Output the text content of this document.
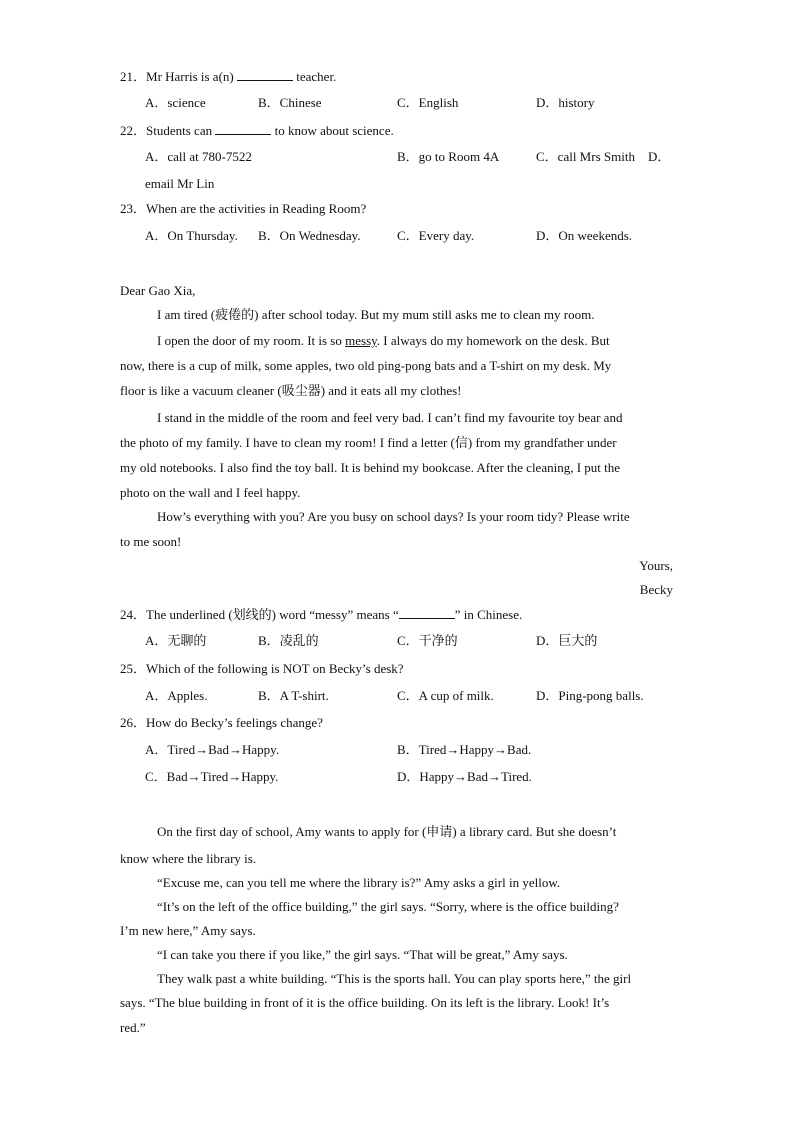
21．Mr Harris is a(n)	teacher.
A．science	B．Chinese	C．English	D．history
22．Students can	to know about science.
A．call at 780-7522	B．go to Room 4A	C．call Mrs Smith D．
email Mr Lin
23．When are the activities in Reading Room?
A．On Thursday. B．On Wednesday.	C．Every day.	D．On weekends.
Dear Gao Xia,
I am tired (疲倦的) after school today. But my mum still asks me to clean my room.
I open the door of my room. It is so messy. I always do my homework on the desk. But
now, there is a cup of milk, some apples, two old ping-pong bats and a T-shirt on my desk. My
floor is like a vacuum cleaner (吸尘器) and it eats all my clothes!
I stand in the middle of the room and feel very bad. I can’t find my favourite toy bear and
the photo of my family. I have to clean my room! I find a letter (信) from my grandfather under
my old notebooks. I also find the toy ball. It is behind my bookcase. After the cleaning, I put the
photo on the wall and I feel happy.
How’s everything with you? Are you busy on school days? Is your room tidy? Please write
to me soon!
Yours,
Becky
24．The underlined (划线的) word “messy” means “	” in Chinese.
A．无聊的	B．凌乱的	C．干净的	D．巨大的
25．Which of the following is NOT on Becky’s desk?
A．Apples.	B．A T-shirt.	C．A cup of milk.	D．Ping-pong balls.
26．How do Becky’s feelings change?
A．Tired→Bad→Happy.	B．Tired→Happy→Bad.
C．Bad→Tired→Happy.	D．Happy→Bad→Tired.
On the first day of school, Amy wants to apply for (申请) a library card. But she doesn’t
know where the library is.
“Excuse me, can you tell me where the library is?” Amy asks a girl in yellow.
“It’s on the left of the office building,” the girl says. “Sorry, where is the office building?
I’m new here,” Amy says.
“I can take you there if you like,” the girl says. “That will be great,” Amy says.
They walk past a white building. “This is the sports hall. You can play sports here,” the girl
says. “The blue building in front of it is the office building. On its left is the library. Look! It’s
red.”
